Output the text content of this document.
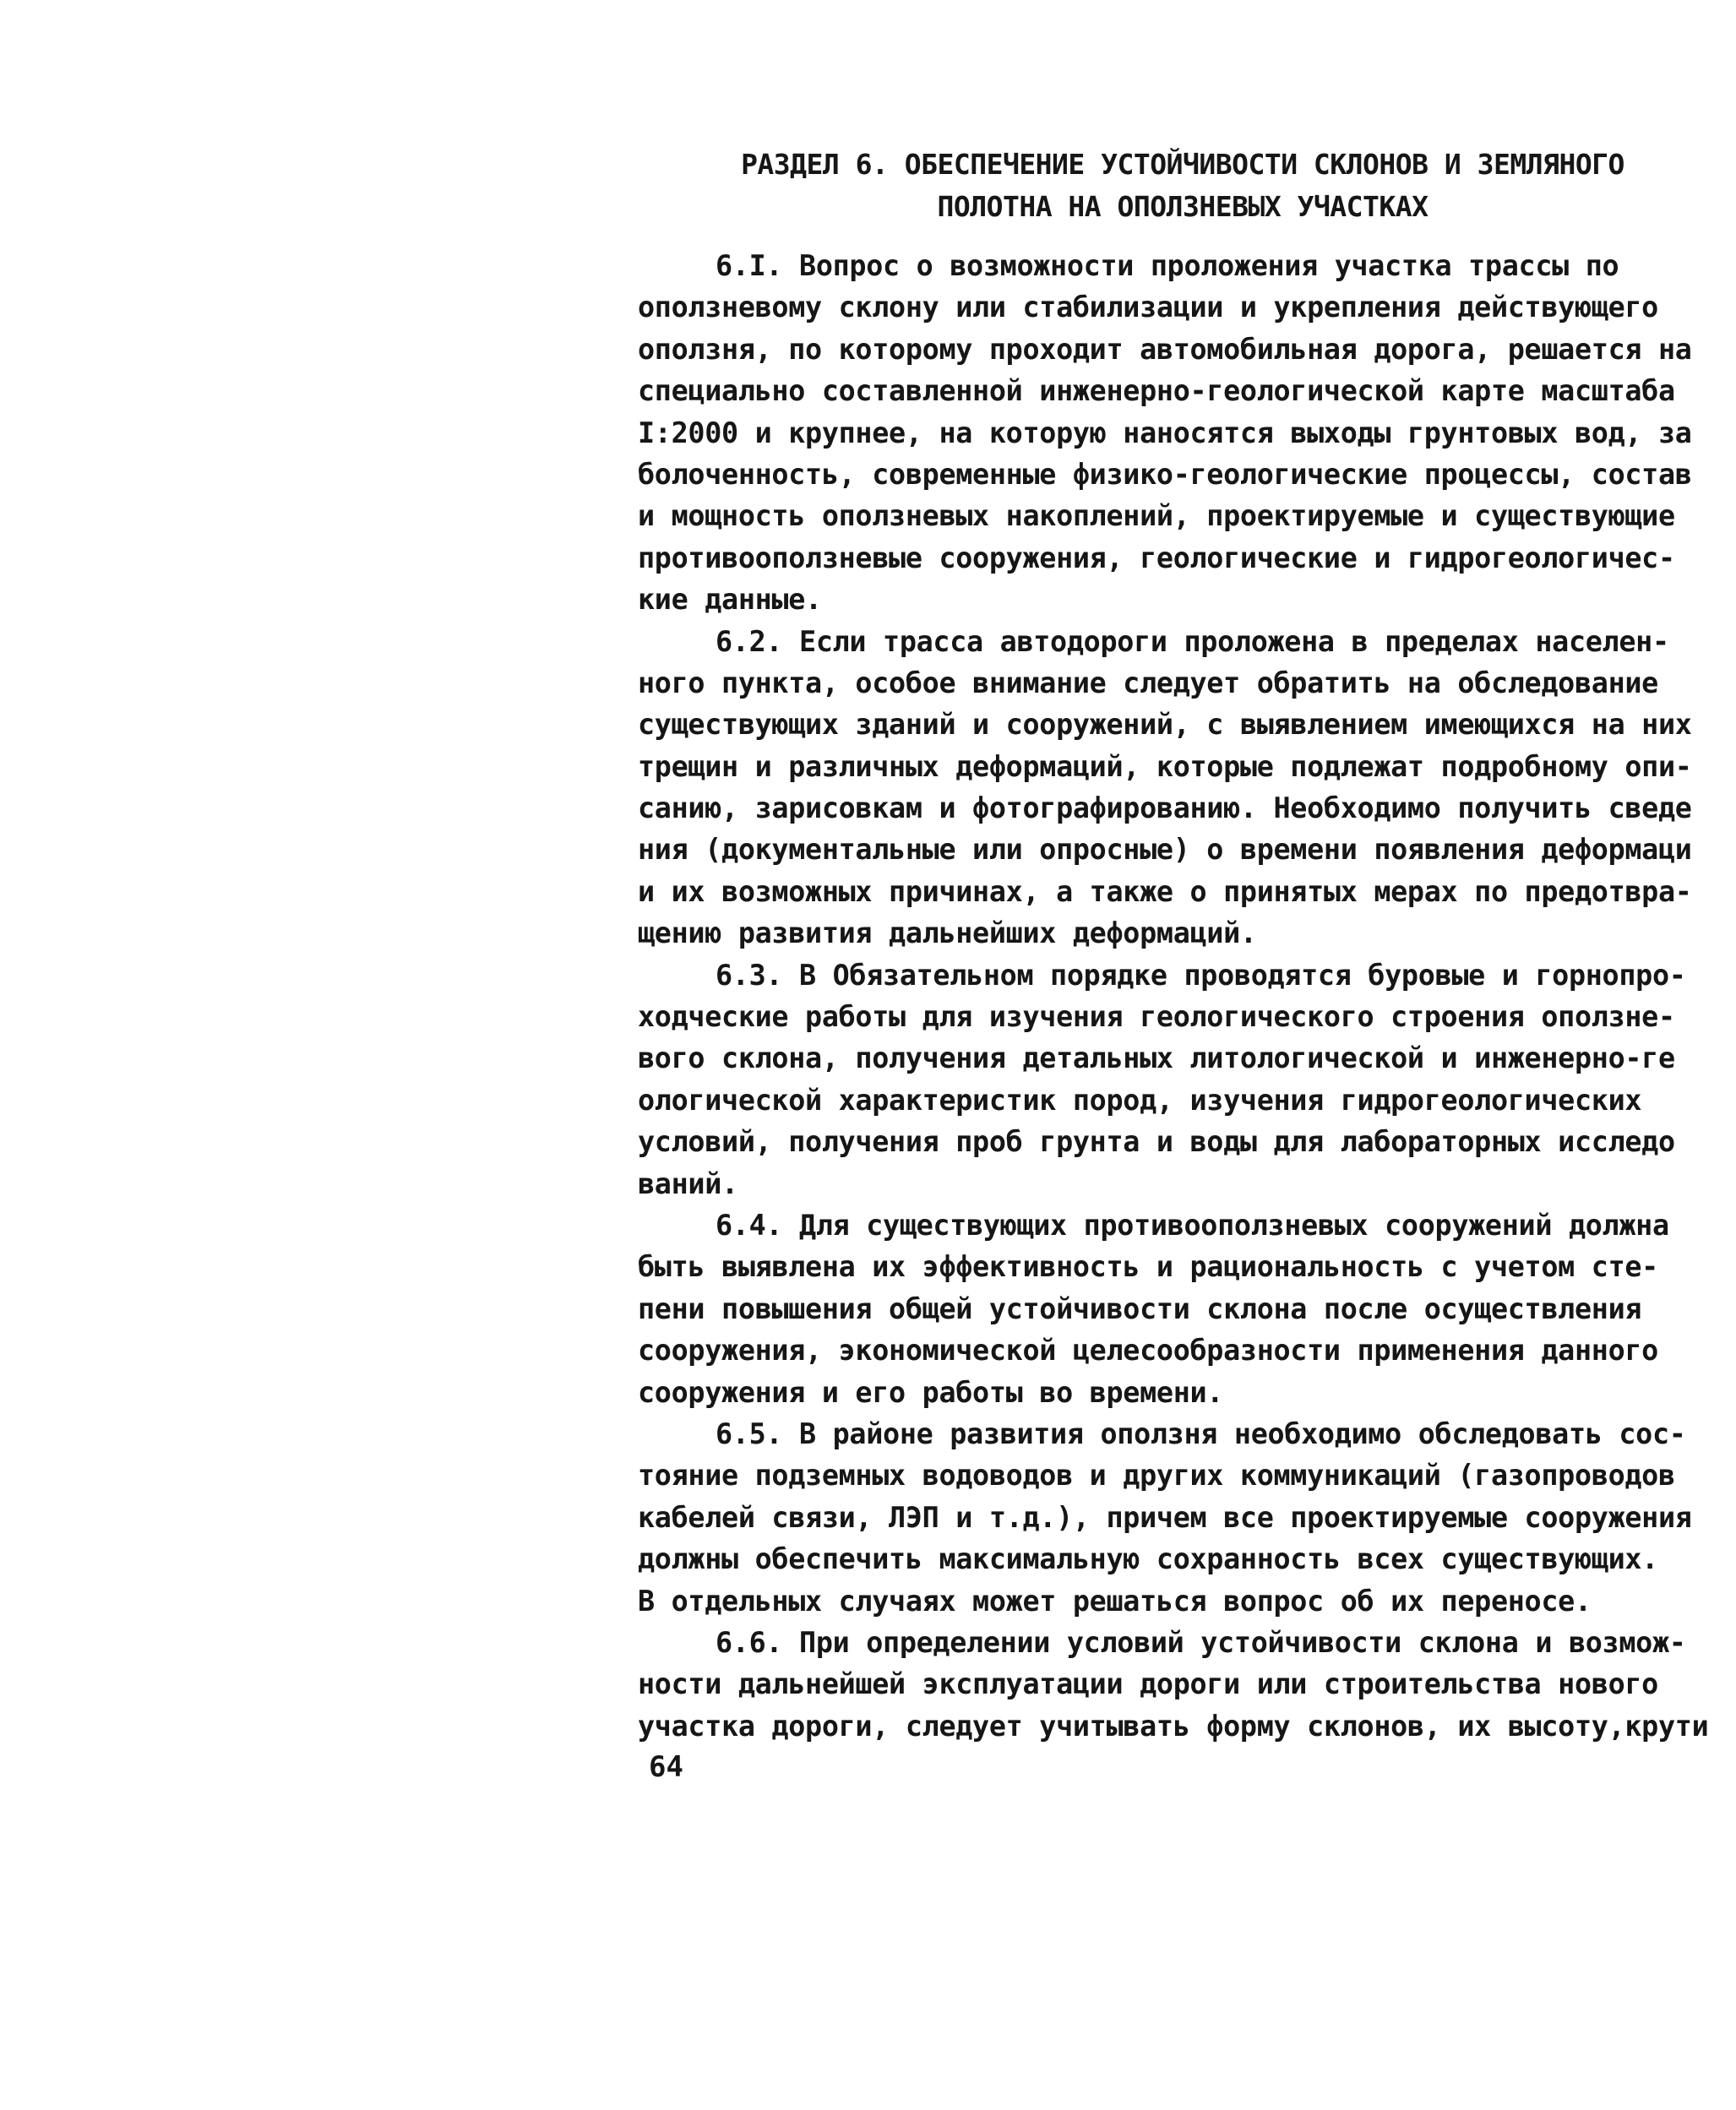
РАЗДЕЛ 6. ОБЕСПЕЧЕНИЕ УСТОЙЧИВОСТИ СКЛОНОВ И ЗЕМЛЯНОГО
ПОЛОТНА НА ОПОЛЗНЕВЫХ УЧАСТКАХ
6.I. Вопрос о возможности проложения участка трассы по
оползневому склону или стабилизации и укрепления действующего
оползня, по которому проходит автомобильная дорога, решается на
специально составленной инженерно-геологической карте масштаба
I:2000 и крупнее, на которую наносятся выходы грунтовых вод, за
болоченность, современные физико-геологические процессы, состав
и мощность оползневых накоплений, проектируемые и существующие
противооползневые сооружения, геологические и гидрогеологичес-
кие данные.
6.2. Если трасса автодороги проложена в пределах населен-
ного пункта, особое внимание следует обратить на обследование
существующих зданий и сооружений, с выявлением имеющихся на них
трещин и различных деформаций, которые подлежат подробному опи-
санию, зарисовкам и фотографированию. Необходимо получить сведе
ния (документальные или опросные) о времени появления деформаци
и их возможных причинах, а также о принятых мерах по предотвра-
щению развития дальнейших деформаций.
6.3. В Обязательном порядке проводятся буровые и горнопро-
ходческие работы для изучения геологического строения оползне-
вого склона, получения детальных литологической и инженерно-ге
ологической характеристик пород, изучения гидрогеологических
условий, получения проб грунта и воды для лабораторных исследо
ваний.
6.4. Для существующих противооползневых сооружений должна
быть выявлена их эффективность и рациональность с учетом сте-
пени повышения общей устойчивости склона после осуществления
сооружения, экономической целесообразности применения данного
сооружения и его работы во времени.
6.5. В районе развития оползня необходимо обследовать сос-
тояние подземных водоводов и других коммуникаций (газопроводов
кабелей связи, ЛЭП и т.д.), причем все проектируемые сооружения
должны обеспечить максимальную сохранность всех существующих.
В отдельных случаях может решаться вопрос об их переносе.
6.6. При определении условий устойчивости склона и возмож-
ности дальнейшей эксплуатации дороги или строительства нового
участка дороги, следует учитывать форму склонов, их высоту,крути
64
